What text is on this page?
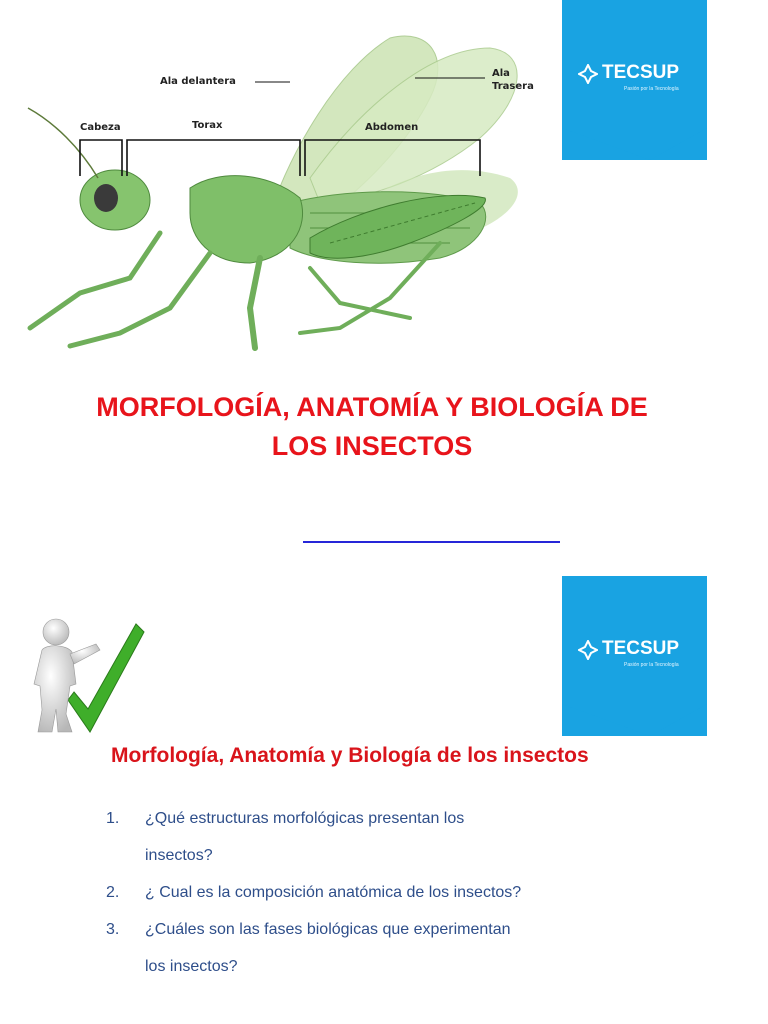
Ala delantera
Ala
Trasera
Cabeza	Torax	Abdomen
TECSUP
Pasión por la Tecnología
MORFOLOGÍA, ANATOMÍA Y BIOLOGÍA DE
LOS INSECTOS
TECSUP
Pasión por la Tecnología
Morfología, Anatomía y Biología de los insectos
1. ¿Qué estructuras morfológicas presentan los
insectos?
2. ¿ Cual es la composición anatómica de los insectos?
3. ¿Cuáles son las fases biológicas que experimentan
los insectos?
